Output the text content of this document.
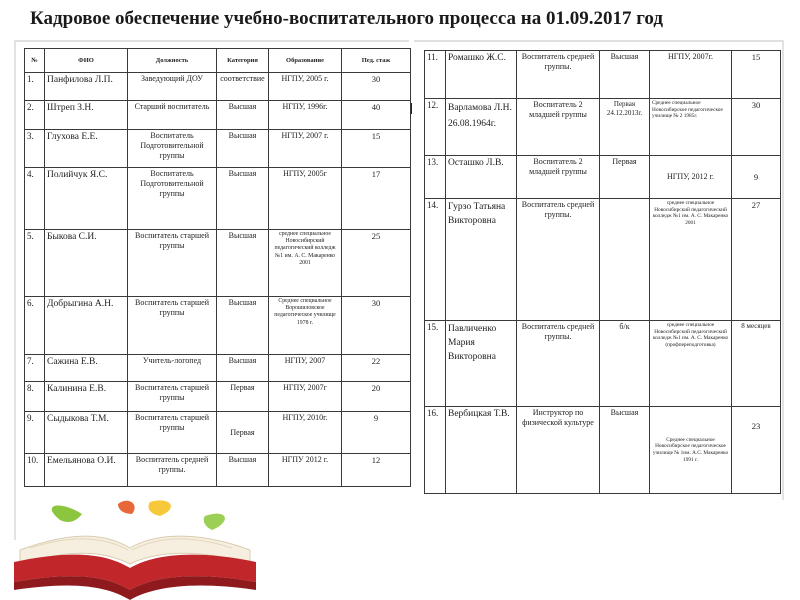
Кадровое обеспечение учебно-воспитательного процесса на 01.09.2017 год
№	ФИО	Должность	Категория	Образование	Пед. стаж
1.	Панфилова Л.П.	Заведующий ДОУ	соответствие	НГПУ, 2005 г.	30
2.	Штреп З.Н.	Старший воспитатель	Высшая	НГПУ, 1996г.	40
3.	Глухова Е.Е.	Воспитатель Подготовительной группы	Высшая	НГПУ, 2007 г.	15
4.	Полийчук Я.С.	Воспитатель Подготовительной группы	Высшая	НГПУ, 2005г	17
5.	Быкова С.И.	Воспитатель старшей группы	Высшая	среднее специальное Новосибирский педагогический колледж №1 им. А. С. Макаренко 2001	25
6.	Добрыгина А.Н.	Воспитатель старшей группы	Высшая	Среднее специальное Ворошиловское педагогическое училище 1978 г.	30
7.	Сажина Е.В.	Учитель-логопед	Высшая	НГПУ, 2007	22
8.	Калинина Е.В.	Воспитатель старшей группы	Первая	НГПУ, 2007г	20
9.	Сыдыкова Т.М.	Воспитатель старшей группы	Первая	НГПУ, 2010г.	9
10.	Емельянова О.И.	Воспитатель средней группы.	Высшая	НГПУ 2012 г.	12
11.	Ромашко Ж.С.	Воспитатель средней группы.	Высшая	НГПУ, 2007г.	15
12.	Варламова Л.Н. 26.08.1964г.	Воспитатель 2 младшей группы	Первая 24.12.2013г.	Среднее специальное Новосибирское педагогическое училище № 2 1985г.	30
13.	Осташко Л.В.	Воспитатель 2 младшей группы	Первая	НГПУ, 2012 г.	9
14.	Гурзо Татьяна Викторовна	Воспитатель средней группы.		среднее специальное Новосибирский педагогический колледж №1 им. А. С. Макаренко 2001	27
15.	Павличенко Мария Викторовна	Воспитатель средней группы.	б/к	среднее специальное Новосибирский педагогический колледж №1 им. А. С. Макаренко (профпереподготовка)	8 месяцев
16.	Вербицкая Т.В.	Инструктор по физической культуре	Высшая	Среднее специальное Новосибирское педагогическое училище № 1им. А.С. Макаренко 1991 г.	23
